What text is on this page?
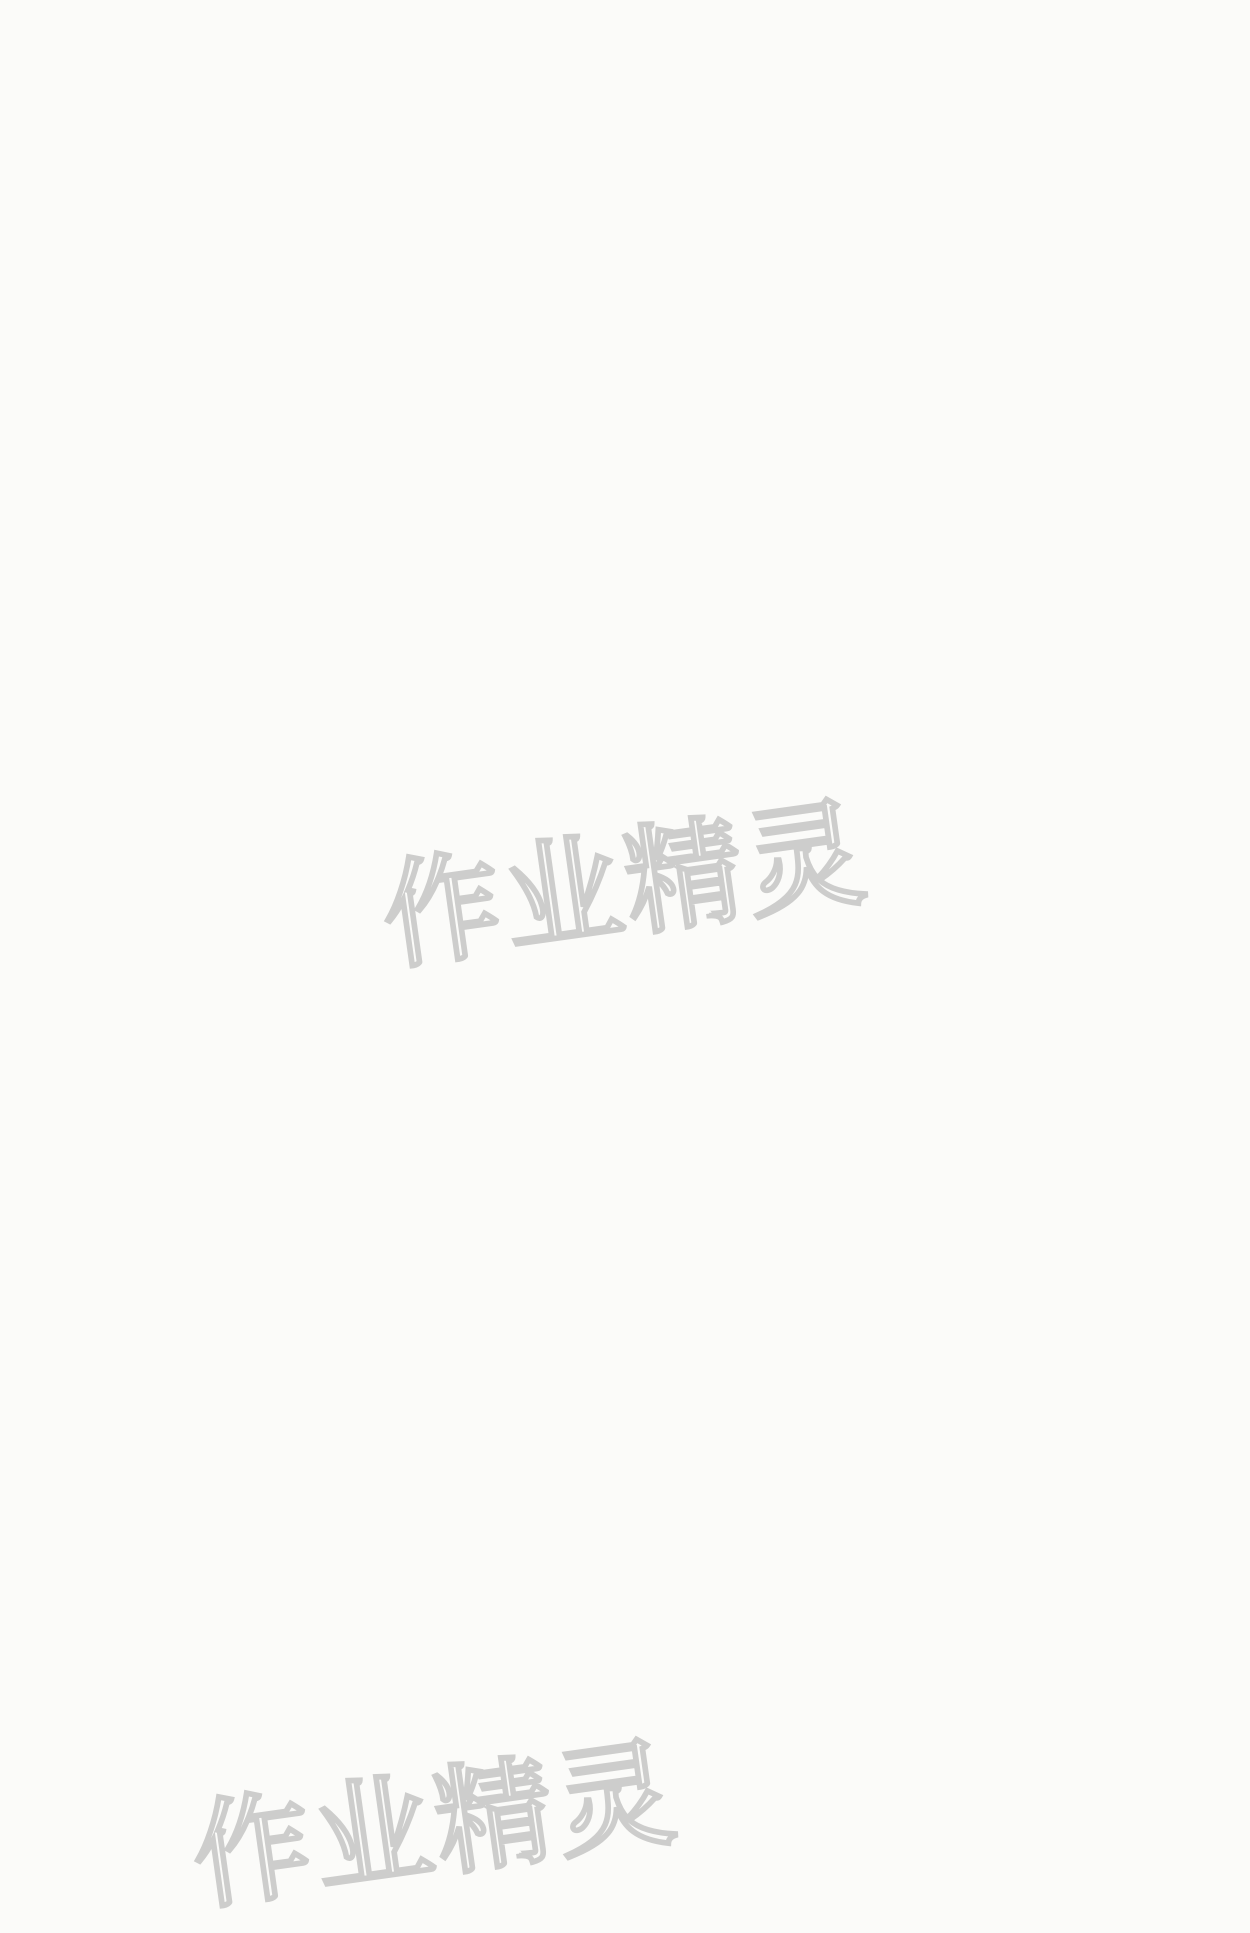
作业精灵
作业精灵
